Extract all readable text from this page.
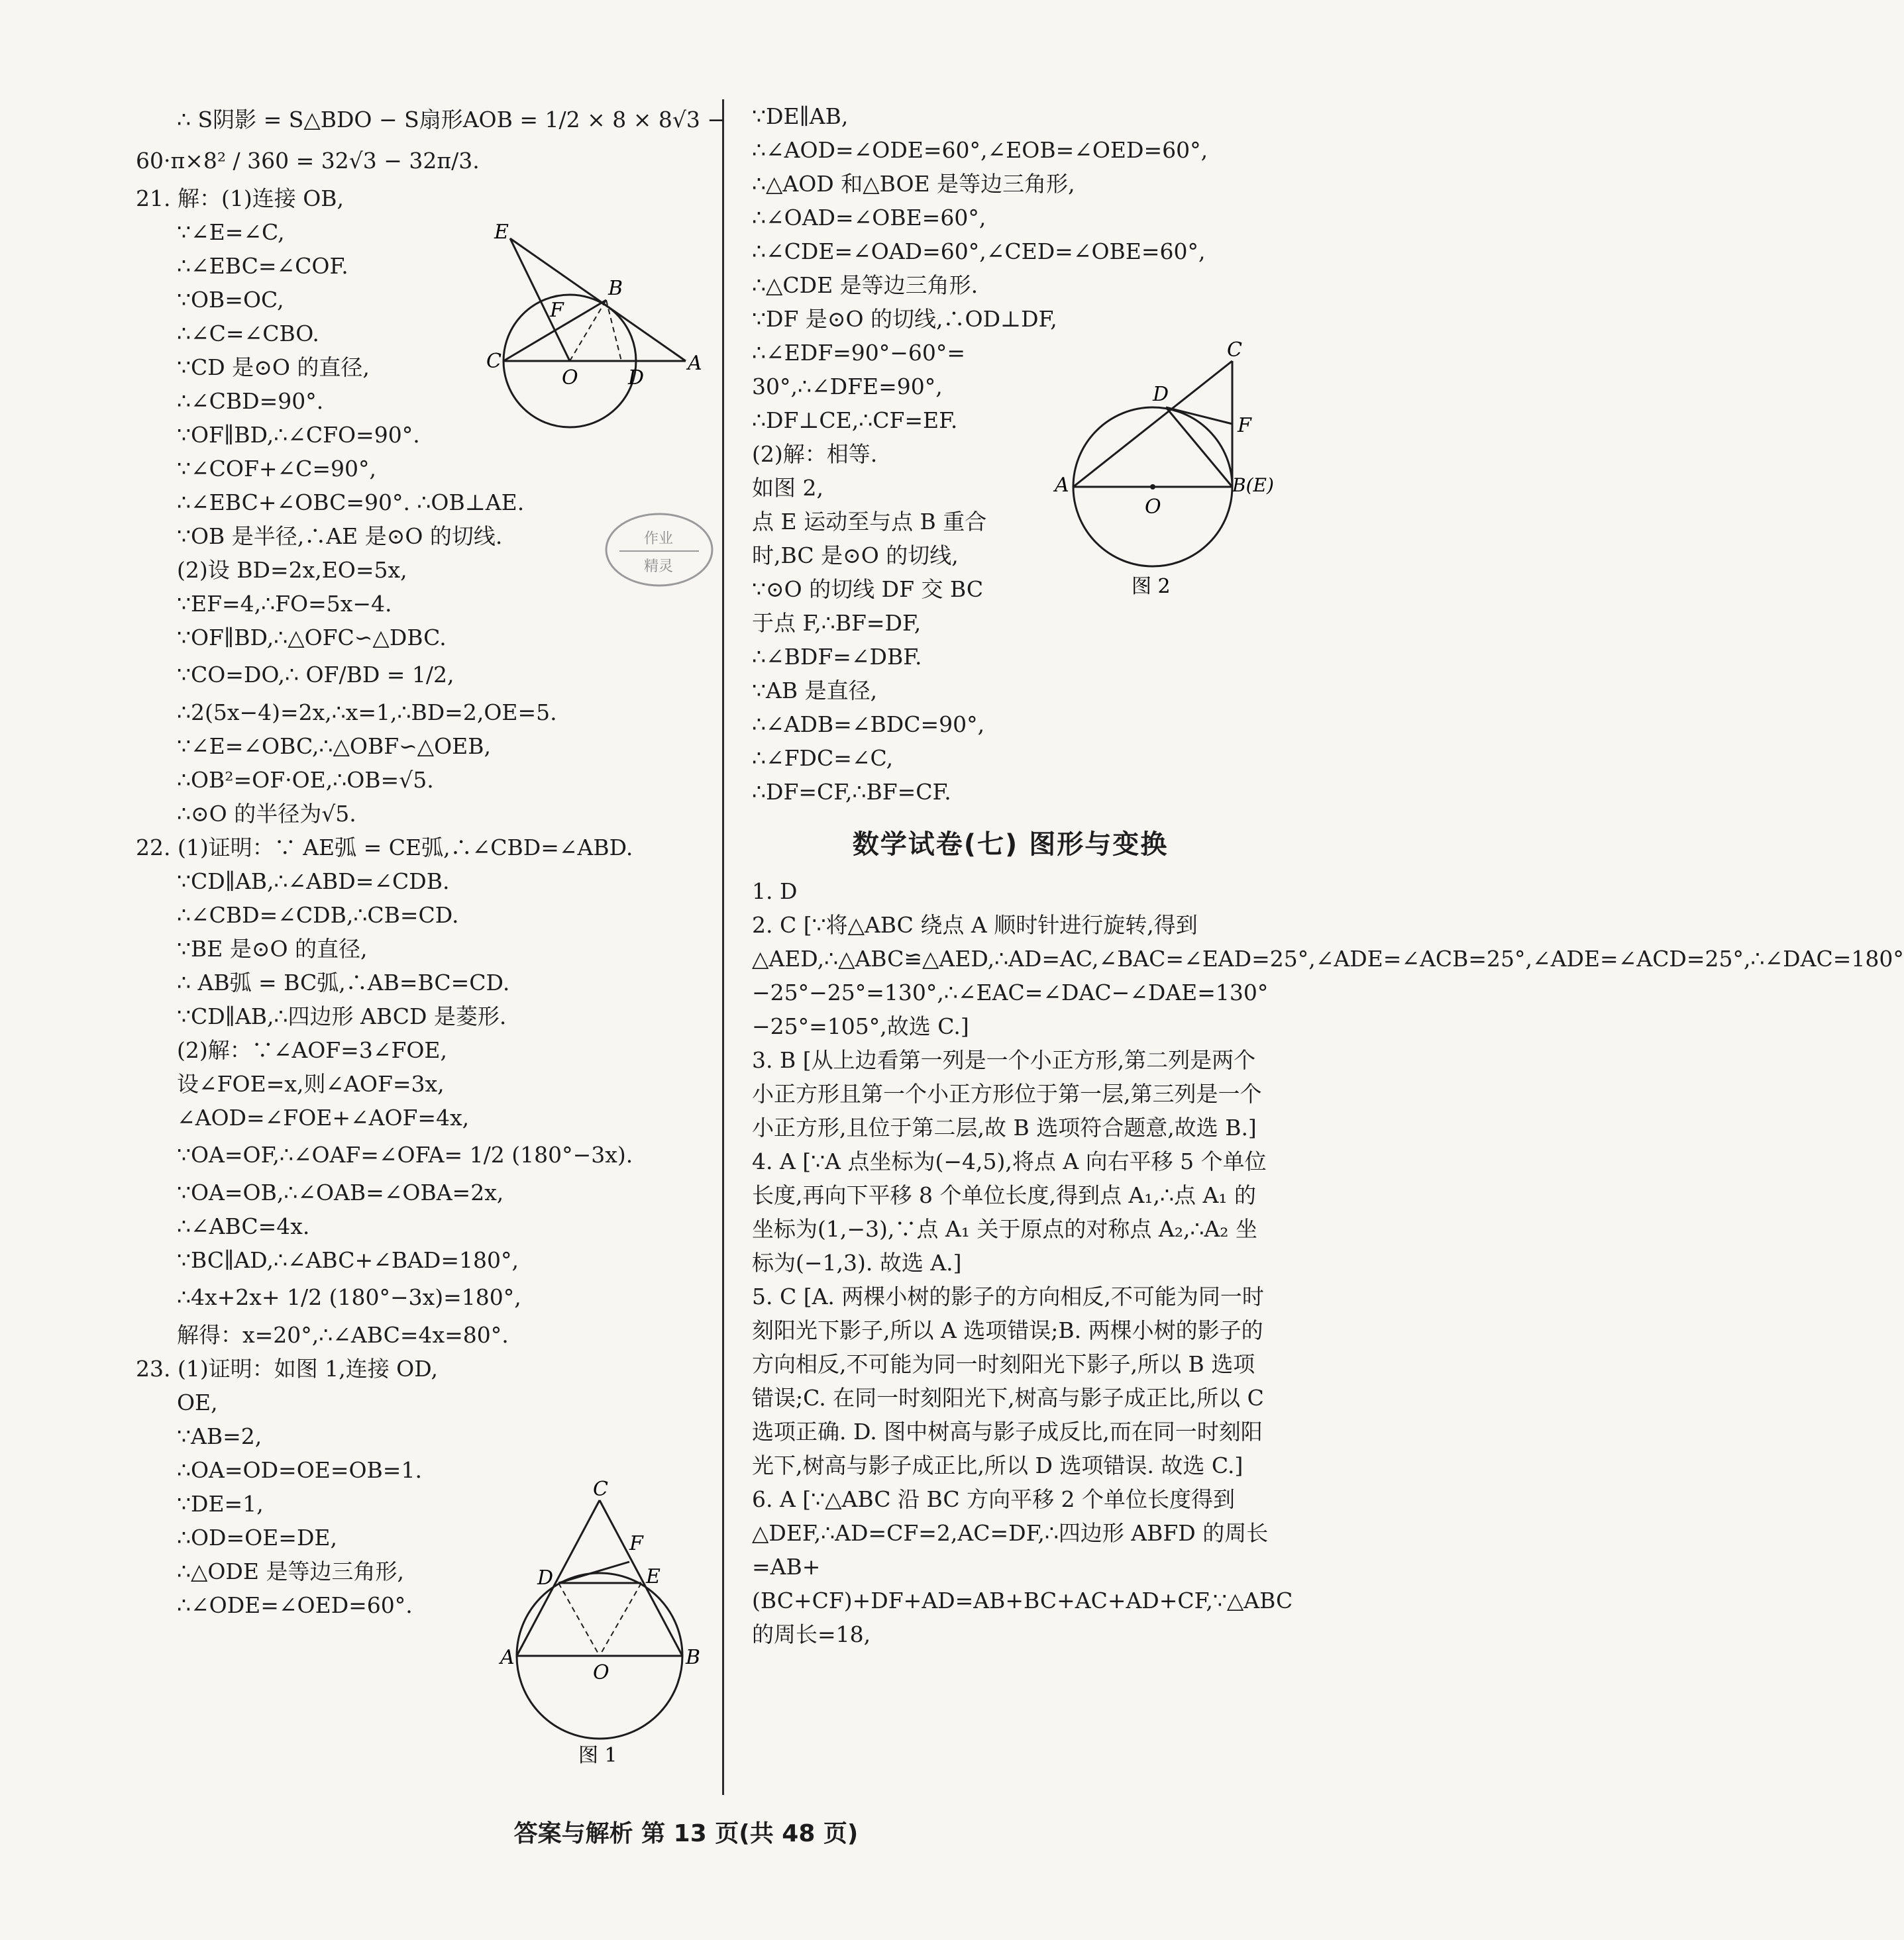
∴ S阴影 = S△BDO − S扇形AOB = 1/2 × 8 × 8√3 −
60·π×8² / 360 = 32√3 − 32π/3.
21. 解：(1)连接 OB,
∵∠E=∠C,
∴∠EBC=∠COF.
∵OB=OC,
∴∠C=∠CBO.
∵CD 是⊙O 的直径,
∴∠CBD=90°.
∵OF∥BD,∴∠CFO=90°.
∵∠COF+∠C=90°,
∴∠EBC+∠OBC=90°. ∴OB⊥AE.
∵OB 是半径,∴AE 是⊙O 的切线.
(2)设 BD=2x,EO=5x,
∵EF=4,∴FO=5x−4.
∵OF∥BD,∴△OFC∽△DBC.
∵CO=DO,∴ OF/BD = 1/2,
∴2(5x−4)=2x,∴x=1,∴BD=2,OE=5.
∵∠E=∠OBC,∴△OBF∽△OEB,
∴OB²=OF·OE,∴OB=√5.
∴⊙O 的半径为√5.
22. (1)证明：∵ AE弧 = CE弧,∴∠CBD=∠ABD.
∵CD∥AB,∴∠ABD=∠CDB.
∴∠CBD=∠CDB,∴CB=CD.
∵BE 是⊙O 的直径,
∴ AB弧 = BC弧,∴AB=BC=CD.
∵CD∥AB,∴四边形 ABCD 是菱形.
(2)解：∵∠AOF=3∠FOE,
设∠FOE=x,则∠AOF=3x,
∠AOD=∠FOE+∠AOF=4x,
∵OA=OF,∴∠OAF=∠OFA= 1/2 (180°−3x).
∵OA=OB,∴∠OAB=∠OBA=2x,
∴∠ABC=4x.
∵BC∥AD,∴∠ABC+∠BAD=180°,
∴4x+2x+ 1/2 (180°−3x)=180°,
解得：x=20°,∴∠ABC=4x=80°.
23. (1)证明：如图 1,连接 OD,
OE,
∵AB=2,
∴OA=OD=OE=OB=1.
∵DE=1,
∴OD=OE=DE,
∴△ODE 是等边三角形,
∴∠ODE=∠OED=60°.
E
F
B
C
O	D
A
作业
精灵
C
F
D	E
A
O
B
图 1
∵DE∥AB,
∴∠AOD=∠ODE=60°,∠EOB=∠OED=60°,
∴△AOD 和△BOE 是等边三角形,
∴∠OAD=∠OBE=60°,
∴∠CDE=∠OAD=60°,∠CED=∠OBE=60°,
∴△CDE 是等边三角形.
∵DF 是⊙O 的切线,∴OD⊥DF,
∴∠EDF=90°−60°=
30°,∴∠DFE=90°,
∴DF⊥CE,∴CF=EF.
(2)解：相等.
如图 2,
点 E 运动至与点 B 重合
时,BC 是⊙O 的切线,
∵⊙O 的切线 DF 交 BC
于点 F,∴BF=DF,
∴∠BDF=∠DBF.
∵AB 是直径,
∴∠ADB=∠BDC=90°,
∴∠FDC=∠C,
∴DF=CF,∴BF=CF.
数学试卷(七) 图形与变换
1. D
2. C [∵将△ABC 绕点 A 顺时针进行旋转,得到△AED,∴△ABC≌△AED,∴AD=AC,∠BAC=∠EAD=25°,∠ADE=∠ACB=25°,∠ADE=∠ACD=25°,∴∠DAC=180°−25°−25°=130°,∴∠EAC=∠DAC−∠DAE=130°−25°=105°,故选 C.]
3. B [从上边看第一列是一个小正方形,第二列是两个小正方形且第一个小正方形位于第一层,第三列是一个小正方形,且位于第二层,故 B 选项符合题意,故选 B.]
4. A [∵A 点坐标为(−4,5),将点 A 向右平移 5 个单位长度,再向下平移 8 个单位长度,得到点 A₁,∴点 A₁ 的坐标为(1,−3),∵点 A₁ 关于原点的对称点 A₂,∴A₂ 坐标为(−1,3). 故选 A.]
5. C [A. 两棵小树的影子的方向相反,不可能为同一时刻阳光下影子,所以 A 选项错误;B. 两棵小树的影子的方向相反,不可能为同一时刻阳光下影子,所以 B 选项错误;C. 在同一时刻阳光下,树高与影子成正比,所以 C 选项正确. D. 图中树高与影子成反比,而在同一时刻阳光下,树高与影子成正比,所以 D 选项错误. 故选 C.]
6. A [∵△ABC 沿 BC 方向平移 2 个单位长度得到△DEF,∴AD=CF=2,AC=DF,∴四边形 ABFD 的周长=AB+(BC+CF)+DF+AD=AB+BC+AC+AD+CF,∵△ABC 的周长=18,
C
D
F
A
O
B(E)
图 2
答案与解析 第 13 页(共 48 页)
